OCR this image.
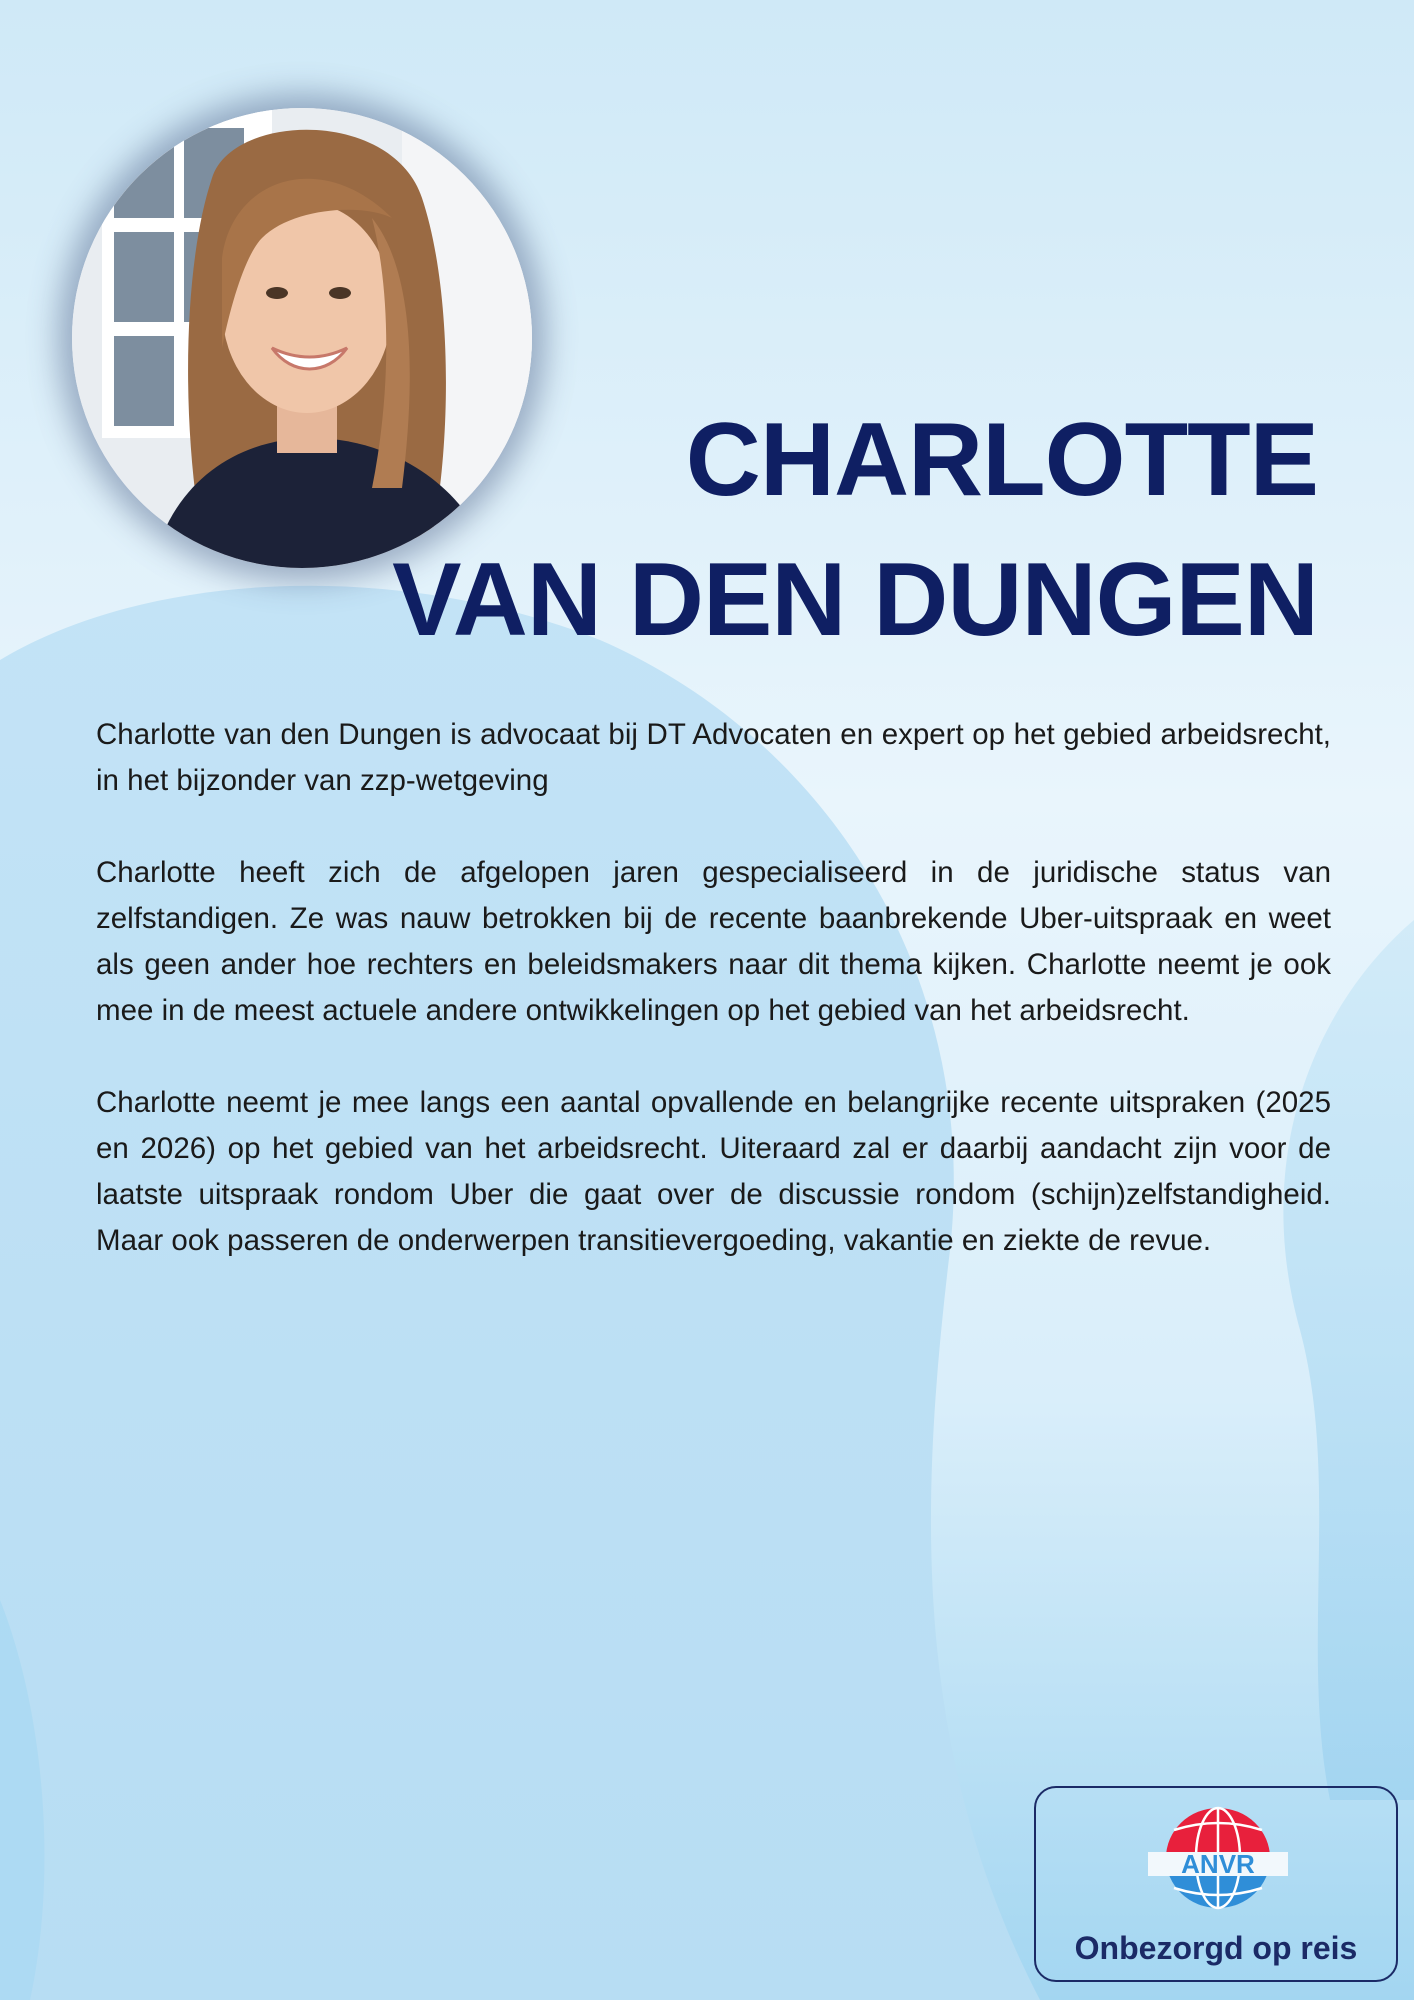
CHARLOTTE
VAN DEN DUNGEN

Charlotte van den Dungen is advocaat bij DT Advocaten en expert op het gebied arbeidsrecht, in het bijzonder van zzp-wetgeving

Charlotte heeft zich de afgelopen jaren gespecialiseerd in de juridische status van zelfstandigen. Ze was nauw betrokken bij de recente baanbrekende Uber-uitspraak en weet als geen ander hoe rechters en beleidsmakers naar dit thema kijken. Charlotte neemt je ook mee in de meest actuele andere ontwikkelingen op het gebied van het arbeidsrecht.

Charlotte neemt je mee langs een aantal opvallende en belangrijke recente uitspraken (2025 en 2026) op het gebied van het arbeidsrecht. Uiteraard zal er daarbij aandacht zijn voor de laatste uitspraak rondom Uber die gaat over de discussie rondom (schijn)zelfstandigheid. Maar ook passeren de onderwerpen transitievergoeding, vakantie en ziekte de revue.

ANVR
Onbezorgd op reis
